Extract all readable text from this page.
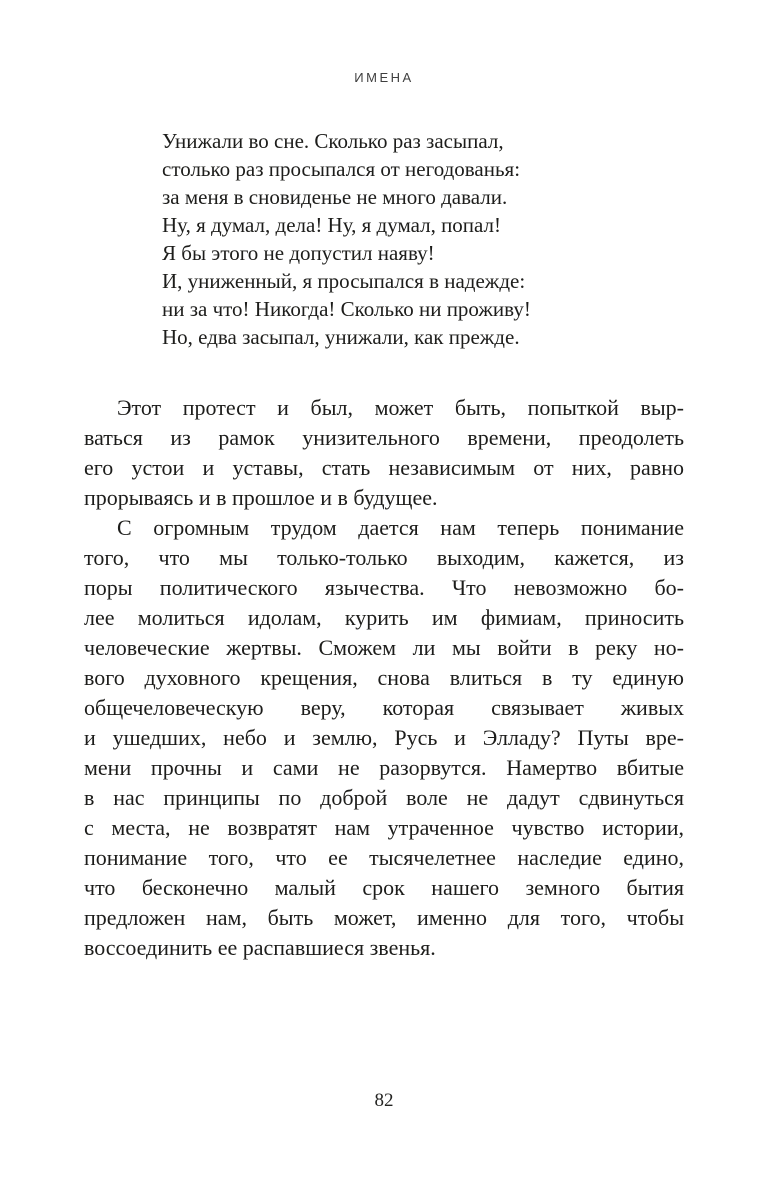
ИМЕНА
Унижали во сне. Сколько раз засыпал,
столько раз просыпался от негодованья:
за меня в сновиденье не много давали.
Ну, я думал, дела! Ну, я думал, попал!
Я бы этого не допустил наяву!
И, униженный, я просыпался в надежде:
ни за что! Никогда! Сколько ни проживу!
Но, едва засыпал, унижали, как прежде.
Этот протест и был, может быть, попыткой выр-
ваться из рамок унизительного времени, преодолеть
его устои и уставы, стать независимым от них, равно
прорываясь и в прошлое и в будущее.
С огромным трудом дается нам теперь понимание
того, что мы только-только выходим, кажется, из
поры политического язычества. Что невозможно бо-
лее молиться идолам, курить им фимиам, приносить
человеческие жертвы. Сможем ли мы войти в реку но-
вого духовного крещения, снова влиться в ту единую
общечеловеческую веру, которая связывает живых
и ушедших, небо и землю, Русь и Элладу? Путы вре-
мени прочны и сами не разорвутся. Намертво вбитые
в нас принципы по доброй воле не дадут сдвинуться
с места, не возвратят нам утраченное чувство истории,
понимание того, что ее тысячелетнее наследие едино,
что бесконечно малый срок нашего земного бытия
предложен нам, быть может, именно для того, чтобы
воссоединить ее распавшиеся звенья.
82
